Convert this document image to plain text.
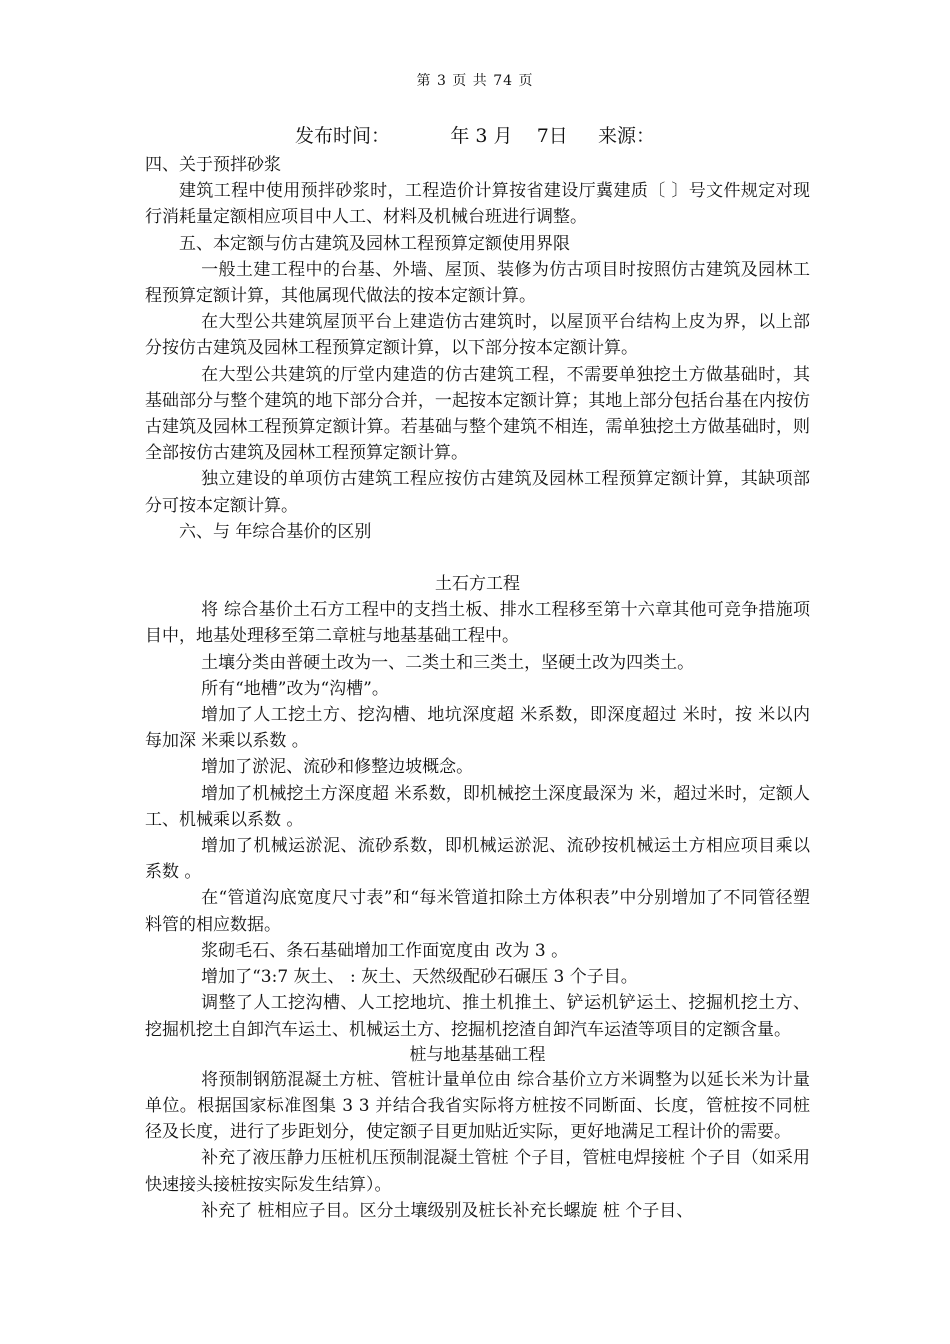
第 3 页 共 74 页
发布时间：          年 3 月    7日     来源：

四、关于预拌砂浆

建筑工程中使用预拌砂浆时，工程造价计算按省建设厅冀建质〔 〕号文件规定对现行消耗量定额相应项目中人工、材料及机械台班进行调整。

五、本定额与仿古建筑及园林工程预算定额使用界限

一般土建工程中的台基、外墙、屋顶、装修为仿古项目时按照仿古建筑及园林工程预算定额计算，其他属现代做法的按本定额计算。

在大型公共建筑屋顶平台上建造仿古建筑时，以屋顶平台结构上皮为界，以上部分按仿古建筑及园林工程预算定额计算，以下部分按本定额计算。

在大型公共建筑的厅堂内建造的仿古建筑工程，不需要单独挖土方做基础时，其基础部分与整个建筑的地下部分合并，一起按本定额计算；其地上部分包括台基在内按仿古建筑及园林工程预算定额计算。若基础与整个建筑不相连，需单独挖土方做基础时，则全部按仿古建筑及园林工程预算定额计算。

独立建设的单项仿古建筑工程应按仿古建筑及园林工程预算定额计算，其缺项部分可按本定额计算。

六、与 年综合基价的区别

土石方工程

将 综合基价土石方工程中的支挡土板、排水工程移至第十六章其他可竞争措施项目中，地基处理移至第二章桩与地基基础工程中。

土壤分类由普硬土改为一、二类土和三类土，坚硬土改为四类土。

所有“地槽”改为“沟槽”。

增加了人工挖土方、挖沟槽、地坑深度超 米系数，即深度超过 米时，按 米以内每加深 米乘以系数 。

增加了淤泥、流砂和修整边坡概念。

增加了机械挖土方深度超 米系数，即机械挖土深度最深为 米，超过米时，定额人工、机械乘以系数 。

增加了机械运淤泥、流砂系数，即机械运淤泥、流砂按机械运土方相应项目乘以系数 。

在“管道沟底宽度尺寸表”和“每米管道扣除土方体积表”中分别增加了不同管径塑料管的相应数据。

浆砌毛石、条石基础增加工作面宽度由 改为 3 。

增加了“3:7 灰土、 : 灰土、天然级配砂石碾压 3 个子目。

调整了人工挖沟槽、人工挖地坑、推土机推土、铲运机铲运土、挖掘机挖土方、挖掘机挖土自卸汽车运土、机械运土方、挖掘机挖渣自卸汽车运渣等项目的定额含量。

桩与地基基础工程

将预制钢筋混凝土方桩、管桩计量单位由 综合基价立方米调整为以延长米为计量单位。根据国家标准图集 3 3 并结合我省实际将方桩按不同断面、长度，管桩按不同桩径及长度，进行了步距划分，使定额子目更加贴近实际，更好地满足工程计价的需要。

补充了液压静力压桩机压预制混凝土管桩 个子目，管桩电焊接桩 个子目（如采用快速接头接桩按实际发生结算）。

补充了 桩相应子目。区分土壤级别及桩长补充长螺旋 桩 个子目、
